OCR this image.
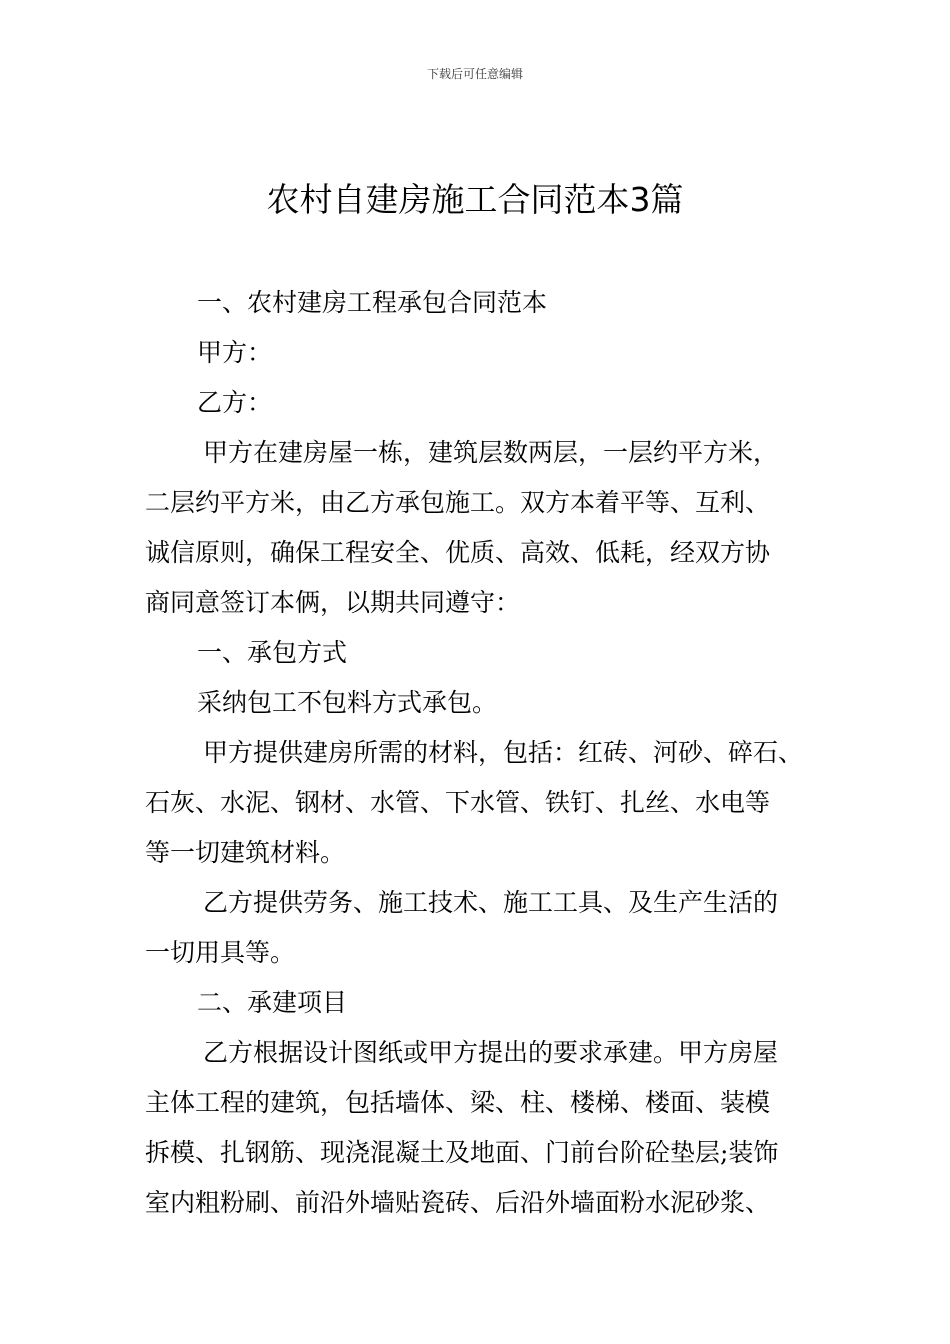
下载后可任意编辑
农村自建房施工合同范本3篇

一、农村建房工程承包合同范本

甲方：

乙方：

甲方在建房屋一栋，建筑层数两层，一层约平方米，

二层约平方米，由乙方承包施工。双方本着平等、互利、

诚信原则，确保工程安全、优质、高效、低耗，经双方协

商同意签订本俩，以期共同遵守：

一、承包方式

采纳包工不包料方式承包。

甲方提供建房所需的材料，包括：红砖、河砂、碎石、

石灰、水泥、钢材、水管、下水管、铁钉、扎丝、水电等

等一切建筑材料。

乙方提供劳务、施工技术、施工工具、及生产生活的

一切用具等。

二、承建项目

乙方根据设计图纸或甲方提出的要求承建。甲方房屋

主体工程的建筑，包括墙体、梁、柱、楼梯、楼面、装模

拆模、扎钢筋、现浇混凝土及地面、门前台阶砼垫层;装饰

室内粗粉刷、前沿外墙贴瓷砖、后沿外墙面粉水泥砂浆、
